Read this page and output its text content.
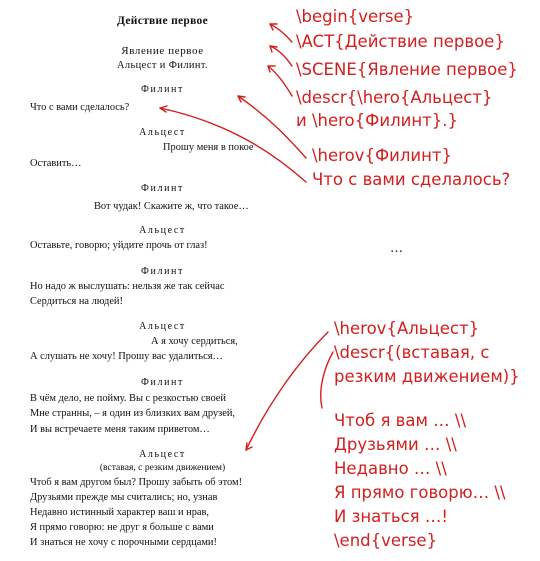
Действие первое
Явление первое
Альцест и Филинт.
Филинт
Что с вами сделалось?
Альцест
Прошу меня в покое
Оставить…
Филинт
Вот чудак! Скажите ж, что такое…
Альцест
Оставьте, говорю; уйдите прочь от глаз!
Филинт
Но надо ж выслушать: нельзя же так сейчас
Сердиться на людей!
Альцест
А я хочу сердиться,
А слушать не хочу! Прошу вас удалиться…
Филинт
В чём дело, не пойму. Вы с резкостью своей
Мне странны, – я один из близких вам друзей,
И вы встречаете меня таким приветом…
Альцест
(вставая, с резким движением)
Чтоб я вам другом был? Прошу забыть об этом!
Друзьями прежде мы считались; но, узнав
Недавно истинный характер ваш и нрав,
Я прямо говорю: не друг я больше с вами
И знаться не хочу с порочными сердцами!
\begin{verse}
\ACT{Действие первое}
\SCENE{Явление первое}
\descr{\hero{Альцест}
и \hero{Филинт}.}
\herov{Филинт}
Что с вами сделалось?
…
\herov{Альцест}
\descr{(вставая, с
резким движением)}
Чтоб я вам … \\
Друзьями … \\
Недавно … \\
Я прямо говорю… \\
И знаться …!
\end{verse}
